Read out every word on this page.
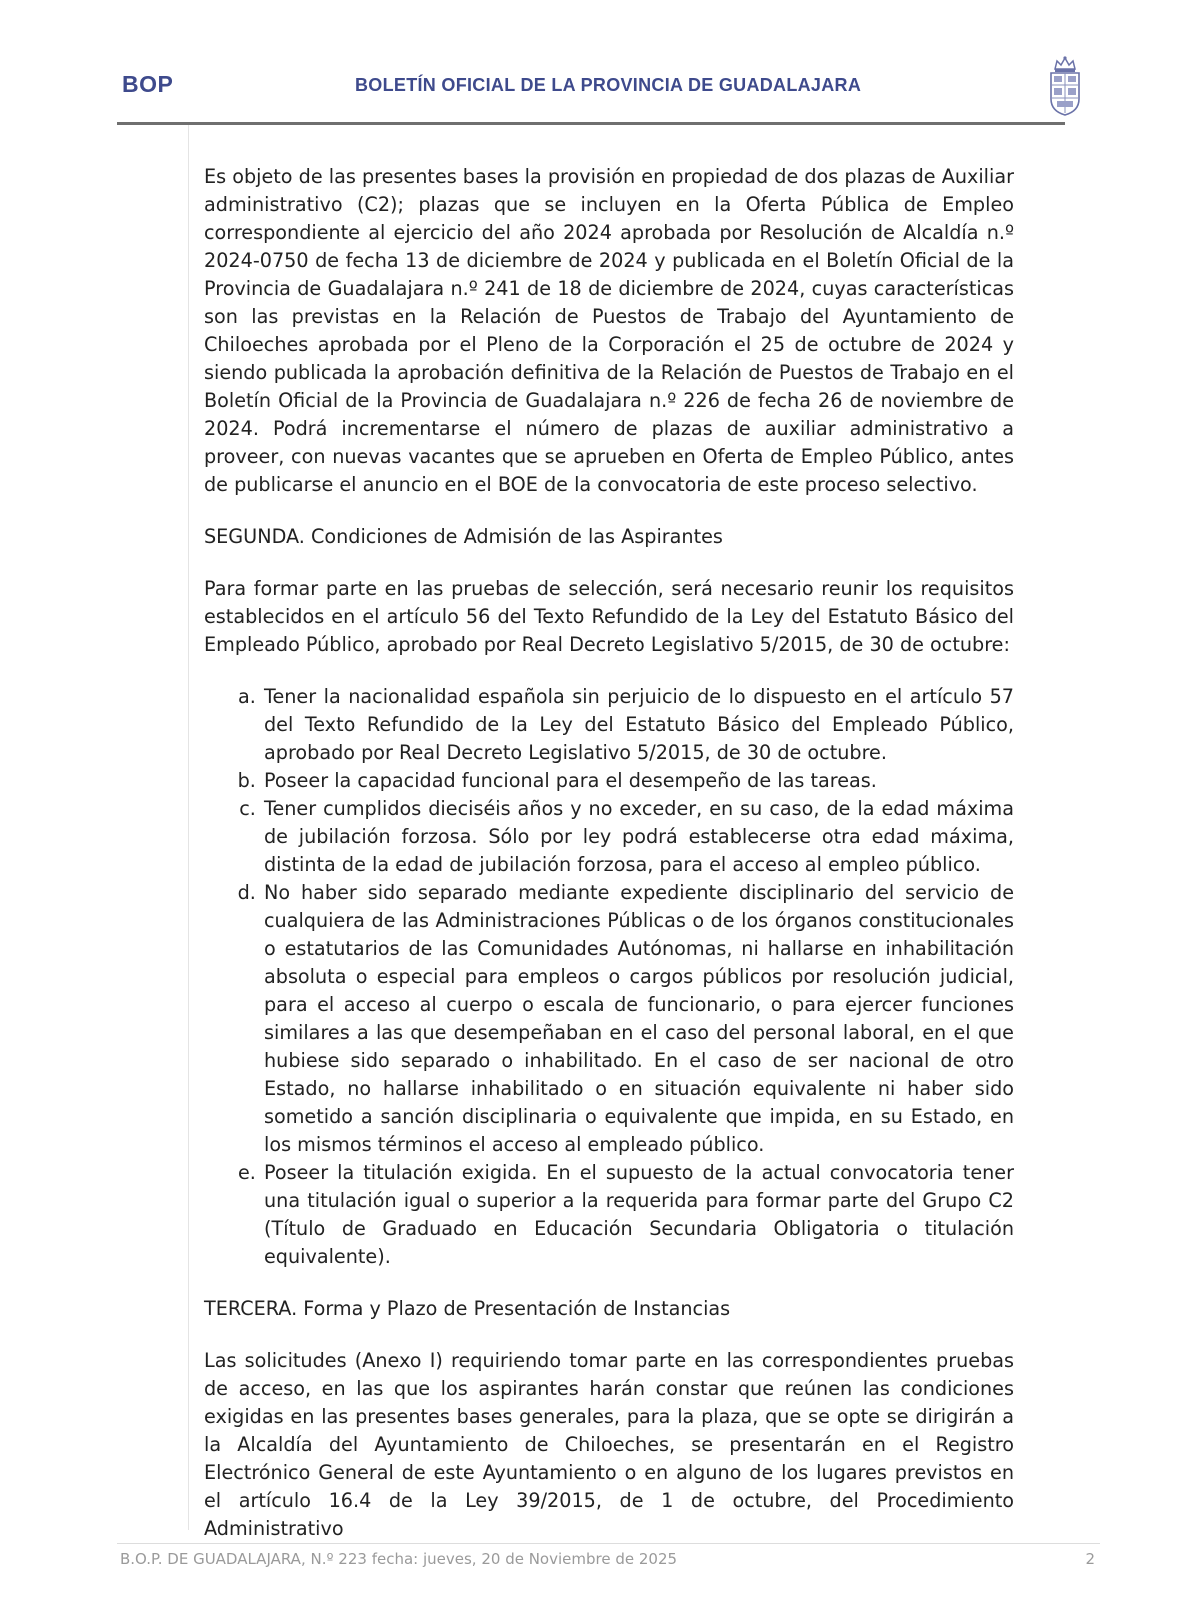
BOP	BOLETÍN OFICIAL DE LA PROVINCIA DE GUADALAJARA

Es objeto de las presentes bases la provisión en propiedad de dos plazas de Auxiliar administrativo (C2); plazas que se incluyen en la Oferta Pública de Empleo correspondiente al ejercicio del año 2024 aprobada por Resolución de Alcaldía n.º 2024-0750 de fecha 13 de diciembre de 2024 y publicada en el Boletín Oficial de la Provincia de Guadalajara n.º 241 de 18 de diciembre de 2024, cuyas características son las previstas en la Relación de Puestos de Trabajo del Ayuntamiento de Chiloeches aprobada por el Pleno de la Corporación el 25 de octubre de 2024 y siendo publicada la aprobación definitiva de la Relación de Puestos de Trabajo en el Boletín Oficial de la Provincia de Guadalajara n.º 226 de fecha 26 de noviembre de 2024. Podrá incrementarse el número de plazas de auxiliar administrativo a proveer, con nuevas vacantes que se aprueben en Oferta de Empleo Público, antes de publicarse el anuncio en el BOE de la convocatoria de este proceso selectivo.

SEGUNDA. Condiciones de Admisión de las Aspirantes

Para formar parte en las pruebas de selección, será necesario reunir los requisitos establecidos en el artículo 56 del Texto Refundido de la Ley del Estatuto Básico del Empleado Público, aprobado por Real Decreto Legislativo 5/2015, de 30 de octubre:

a. Tener la nacionalidad española sin perjuicio de lo dispuesto en el artículo 57 del Texto Refundido de la Ley del Estatuto Básico del Empleado Público, aprobado por Real Decreto Legislativo 5/2015, de 30 de octubre.
b. Poseer la capacidad funcional para el desempeño de las tareas.
c. Tener cumplidos dieciséis años y no exceder, en su caso, de la edad máxima de jubilación forzosa. Sólo por ley podrá establecerse otra edad máxima, distinta de la edad de jubilación forzosa, para el acceso al empleo público.
d. No haber sido separado mediante expediente disciplinario del servicio de cualquiera de las Administraciones Públicas o de los órganos constitucionales o estatutarios de las Comunidades Autónomas, ni hallarse en inhabilitación absoluta o especial para empleos o cargos públicos por resolución judicial, para el acceso al cuerpo o escala de funcionario, o para ejercer funciones similares a las que desempeñaban en el caso del personal laboral, en el que hubiese sido separado o inhabilitado. En el caso de ser nacional de otro Estado, no hallarse inhabilitado o en situación equivalente ni haber sido sometido a sanción disciplinaria o equivalente que impida, en su Estado, en los mismos términos el acceso al empleado público.
e. Poseer la titulación exigida. En el supuesto de la actual convocatoria tener una titulación igual o superior a la requerida para formar parte del Grupo C2 (Título de Graduado en Educación Secundaria Obligatoria o titulación equivalente).

TERCERA. Forma y Plazo de Presentación de Instancias

Las solicitudes (Anexo I) requiriendo tomar parte en las correspondientes pruebas de acceso, en las que los aspirantes harán constar que reúnen las condiciones exigidas en las presentes bases generales, para la plaza, que se opte se dirigirán a la Alcaldía del Ayuntamiento de Chiloeches, se presentarán en el Registro Electrónico General de este Ayuntamiento o en alguno de los lugares previstos en el artículo 16.4 de la Ley 39/2015, de 1 de octubre, del Procedimiento Administrativo

B.O.P. DE GUADALAJARA, N.º 223 fecha: jueves, 20 de Noviembre de 2025	2
